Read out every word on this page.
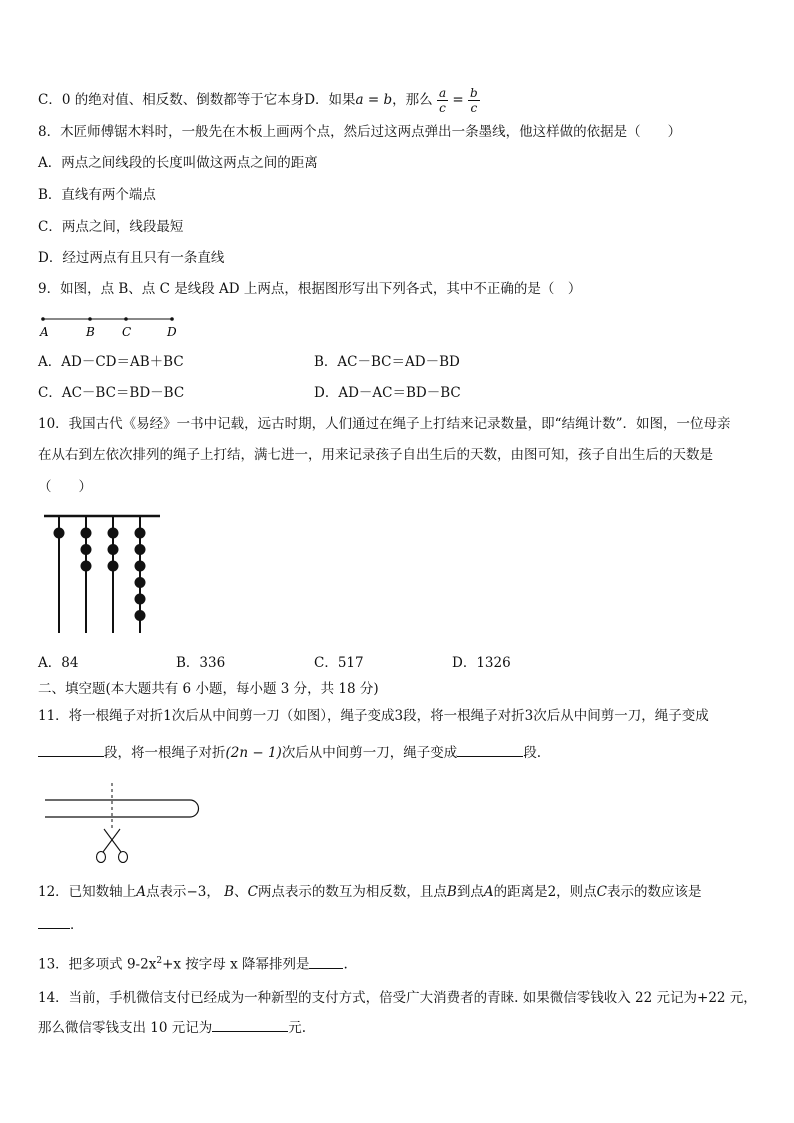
C．0 的绝对值、相反数、倒数都等于它本身D．如果a = b，那么 $\frac{a}{c} = \frac{b}{c}$
8．木匠师傅锯木料时，一般先在木板上画两个点，然后过这两点弹出一条墨线，他这样做的依据是（　　）
A．两点之间线段的长度叫做这两点之间的距离
B．直线有两个端点
C．两点之间，线段最短
D．经过两点有且只有一条直线
9．如图，点 B、点 C 是线段 AD 上两点，根据图形写出下列各式，其中不正确的是（　）
A	B C	D
A．AD－CD＝AB＋BC	B．AC－BC＝AD－BD
C．AC－BC＝BD－BC	D．AD－AC＝BD－BC
10．我国古代《易经》一书中记载，远古时期，人们通过在绳子上打结来记录数量，即“结绳计数”．如图，一位母亲
在从右到左依次排列的绳子上打结，满七进一，用来记录孩子自出生后的天数，由图可知，孩子自出生后的天数是
（　　）
A．84	B．336	C．517	D．1326
二、填空题(本大题共有 6 小题，每小题 3 分，共 18 分)
11．将一根绳子对折1次后从中间剪一刀（如图），绳子变成3段，将一根绳子对折3次后从中间剪一刀，绳子变成
段，将一根绳子对折(2n − 1)次后从中间剪一刀，绳子变成	段.
12．已知数轴上A点表示−3， B、C两点表示的数互为相反数，且点B到点A的距离是2，则点C表示的数应该是
．
13．把多项式 $9-2x^2+x$ 按字母 x 降幂排列是	.
14．当前，手机微信支付已经成为一种新型的支付方式，倍受广大消费者的青睐. 如果微信零钱收入 22 元记为+22 元，
那么微信零钱支出 10 元记为	元.
